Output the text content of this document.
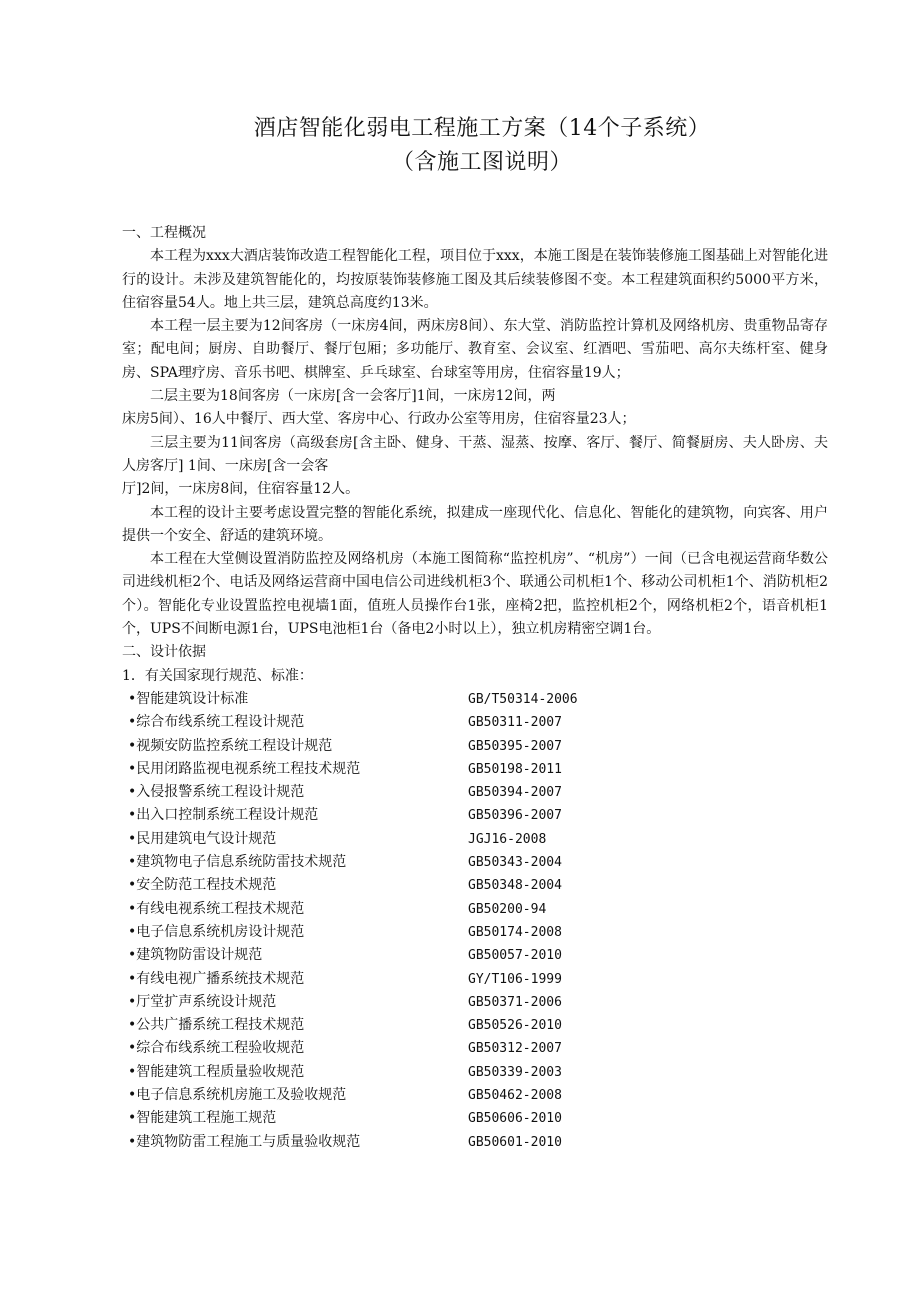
酒店智能化弱电工程施工方案（14个子系统）
（含施工图说明）
一、工程概况

本工程为xxx大酒店装饰改造工程智能化工程，项目位于xxx，本施工图是在装饰装修施工图基础上对智能化进行的设计。未涉及建筑智能化的，均按原装饰装修施工图及其后续装修图不变。本工程建筑面积约5000平方米，住宿容量54人。地上共三层，建筑总高度约13米。

本工程一层主要为12间客房（一床房4间，两床房8间）、东大堂、消防监控计算机及网络机房、贵重物品寄存室；配电间；厨房、自助餐厅、餐厅包厢；多功能厅、教育室、会议室、红酒吧、雪茄吧、高尔夫练杆室、健身房、SPA理疗房、音乐书吧、棋牌室、乒乓球室、台球室等用房，住宿容量19人；

二层主要为18间客房（一床房[含一会客厅]1间，一床房12间，两

床房5间）、16人中餐厅、西大堂、客房中心、行政办公室等用房，住宿容量23人；

三层主要为11间客房（高级套房[含主卧、健身、干蒸、湿蒸、按摩、客厅、餐厅、简餐厨房、夫人卧房、夫人房客厅] 1间、一床房[含一会客

厅]2间，一床房8间，住宿容量12人。

本工程的设计主要考虑设置完整的智能化系统，拟建成一座现代化、信息化、智能化的建筑物，向宾客、用户提供一个安全、舒适的建筑环境。

本工程在大堂侧设置消防监控及网络机房（本施工图简称“监控机房”、“机房”）一间（已含电视运营商华数公司进线机柜2个、电话及网络运营商中国电信公司进线机柜3个、联通公司机柜1个、移动公司机柜1个、消防机柜2个）。智能化专业设置监控电视墙1面，值班人员操作台1张，座椅2把，监控机柜2个，网络机柜2个，语音机柜1个，UPS不间断电源1台，UPS电池柜1台（备电2小时以上），独立机房精密空调1台。

二、设计依据
1．有关国家现行规范、标准：
•智能建筑设计标准	GB/T50314-2006
•综合布线系统工程设计规范	GB50311-2007
•视频安防监控系统工程设计规范	GB50395-2007
•民用闭路监视电视系统工程技术规范	GB50198-2011
•入侵报警系统工程设计规范	GB50394-2007
•出入口控制系统工程设计规范	GB50396-2007
•民用建筑电气设计规范	JGJ16-2008
•建筑物电子信息系统防雷技术规范	GB50343-2004
•安全防范工程技术规范	GB50348-2004
•有线电视系统工程技术规范	GB50200-94
•电子信息系统机房设计规范	GB50174-2008
•建筑物防雷设计规范	GB50057-2010
•有线电视广播系统技术规范	GY/T106-1999
•厅堂扩声系统设计规范	GB50371-2006
•公共广播系统工程技术规范	GB50526-2010
•综合布线系统工程验收规范	GB50312-2007
•智能建筑工程质量验收规范	GB50339-2003
•电子信息系统机房施工及验收规范	GB50462-2008
•智能建筑工程施工规范	GB50606-2010
•建筑物防雷工程施工与质量验收规范	GB50601-2010
